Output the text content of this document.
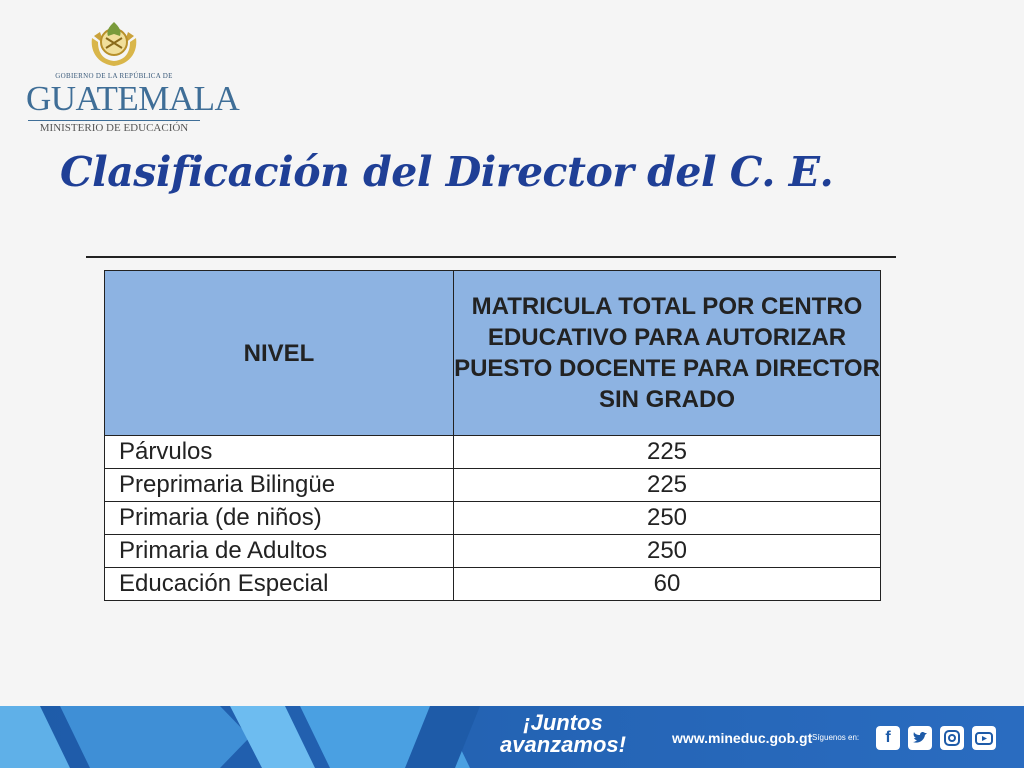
GOBIERNO DE LA REPÚBLICA DE
GUATEMALA
MINISTERIO DE EDUCACIÓN
Clasificación del Director del C. E.
NIVEL	MATRICULA TOTAL POR CENTRO EDUCATIVO PARA AUTORIZAR PUESTO DOCENTE PARA DIRECTOR SIN GRADO
Párvulos	225
Preprimaria Bilingüe	225
Primaria (de niños)	250
Primaria de Adultos	250
Educación Especial	60
¡Juntos
avanzamos!	www.mineduc.gob.gt Síguenos en:	f
